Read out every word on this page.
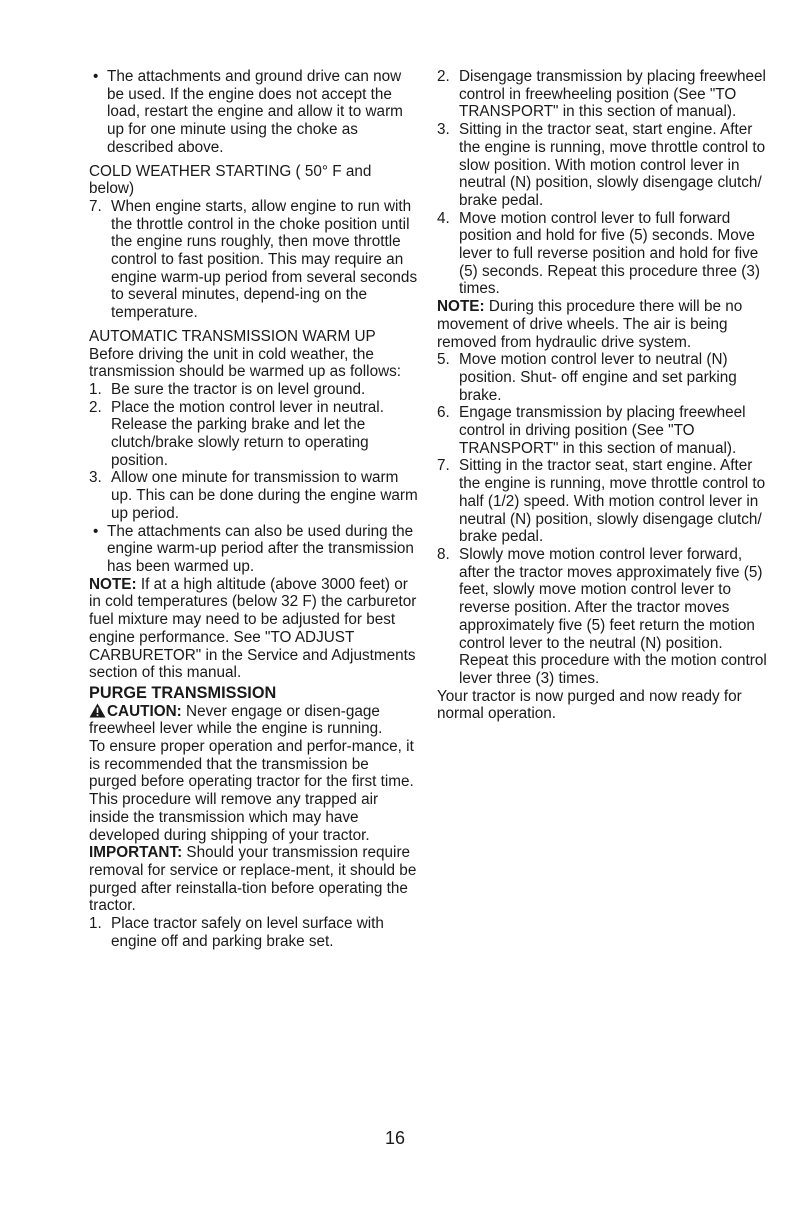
• The attachments and ground drive can now be used. If the engine does not accept the load, restart the engine and allow it to warm up for one minute using the choke as described above.

COLD WEATHER STARTING ( 50° F and below)

7. When engine starts, allow engine to run with the throttle control in the choke position until the engine runs roughly, then move throttle control to fast position. This may require an engine warm-up period from several seconds to several minutes, depend-ing on the temperature.

AUTOMATIC TRANSMISSION WARM UP

Before driving the unit in cold weather, the transmission should be warmed up as follows:

1. Be sure the tractor is on level ground.
2. Place the motion control lever in neutral. Release the parking brake and let the clutch/brake slowly return to operating position.
3. Allow one minute for transmission to warm up. This can be done during the engine warm up period.
• The attachments can also be used during the engine warm-up period after the transmission has been warmed up.

NOTE: If at a high altitude (above 3000 feet) or in cold temperatures (below 32 F) the carburetor fuel mixture may need to be adjusted for best engine performance. See "TO ADJUST CARBURETOR" in the Service and Adjustments section of this manual.

PURGE TRANSMISSION

CAUTION: Never engage or disen-gage freewheel lever while the engine is running.

To ensure proper operation and perfor-mance, it is recommended that the transmission be purged before operating tractor for the first time. This procedure will remove any trapped air inside the transmission which may have developed during shipping of your tractor.

IMPORTANT: Should your transmission require removal for service or replace-ment, it should be purged after reinstalla-tion before operating the tractor.

1. Place tractor safely on level surface with engine off and parking brake set.
2. Disengage transmission by placing freewheel control in freewheeling position (See "TO TRANSPORT" in this section of manual).
3. Sitting in the tractor seat, start engine. After the engine is running, move throttle control to slow position. With motion control lever in neutral (N) position, slowly disengage clutch/ brake pedal.
4. Move motion control lever to full forward position and hold for five (5) seconds. Move lever to full reverse position and hold for five (5) seconds. Repeat this procedure three (3) times.

NOTE: During this procedure there will be no movement of drive wheels. The air is being removed from hydraulic drive system.

5. Move motion control lever to neutral (N) position. Shut- off engine and set parking brake.
6. Engage transmission by placing freewheel control in driving position (See "TO TRANSPORT" in this section of manual).
7. Sitting in the tractor seat, start engine. After the engine is running, move throttle control to half (1/2) speed. With motion control lever in neutral (N) position, slowly disengage clutch/ brake pedal.
8. Slowly move motion control lever forward, after the tractor moves approximately five (5) feet, slowly move motion control lever to reverse position. After the tractor moves approximately five (5) feet return the motion control lever to the neutral (N) position. Repeat this procedure with the motion control lever three (3) times.

Your tractor is now purged and now ready for normal operation.

16
